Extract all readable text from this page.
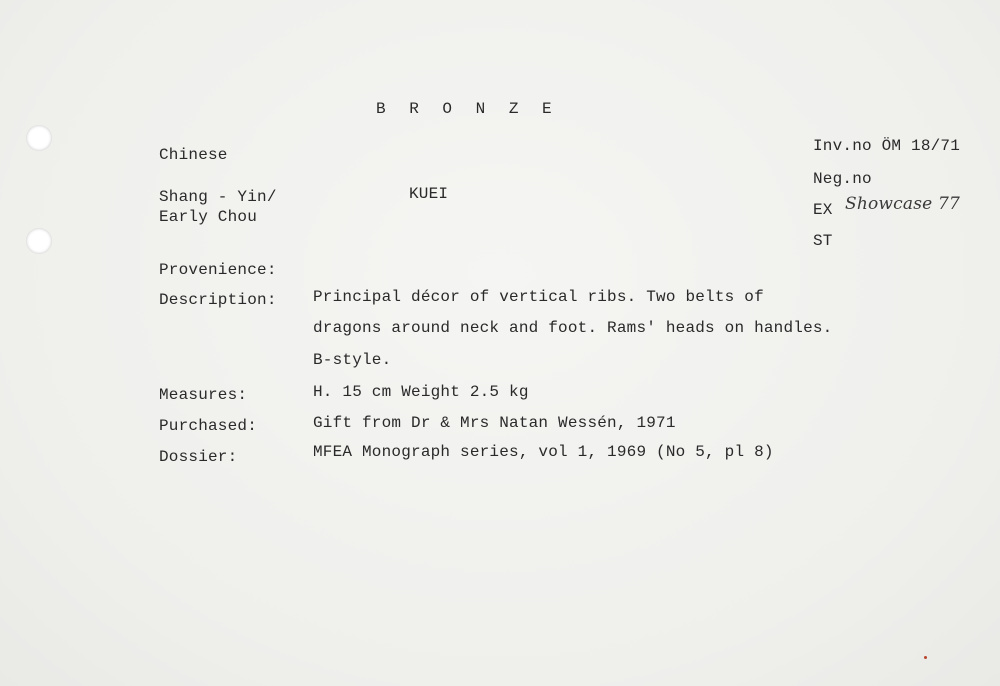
B R O N Z E
Chinese
Shang - Yin/
Early Chou
KUEI
Inv.no ÖM 18/71
Neg.no
EX Showcase 77
ST
Provenience:
Description: Principal décor of vertical ribs. Two belts of
dragons around neck and foot. Rams' heads on handles.
B-style.
Measures:	H. 15 cm Weight 2.5 kg
Purchased:	Gift from Dr & Mrs Natan Wessén, 1971
Dossier:	MFEA Monograph series, vol 1, 1969 (No 5, pl 8)
